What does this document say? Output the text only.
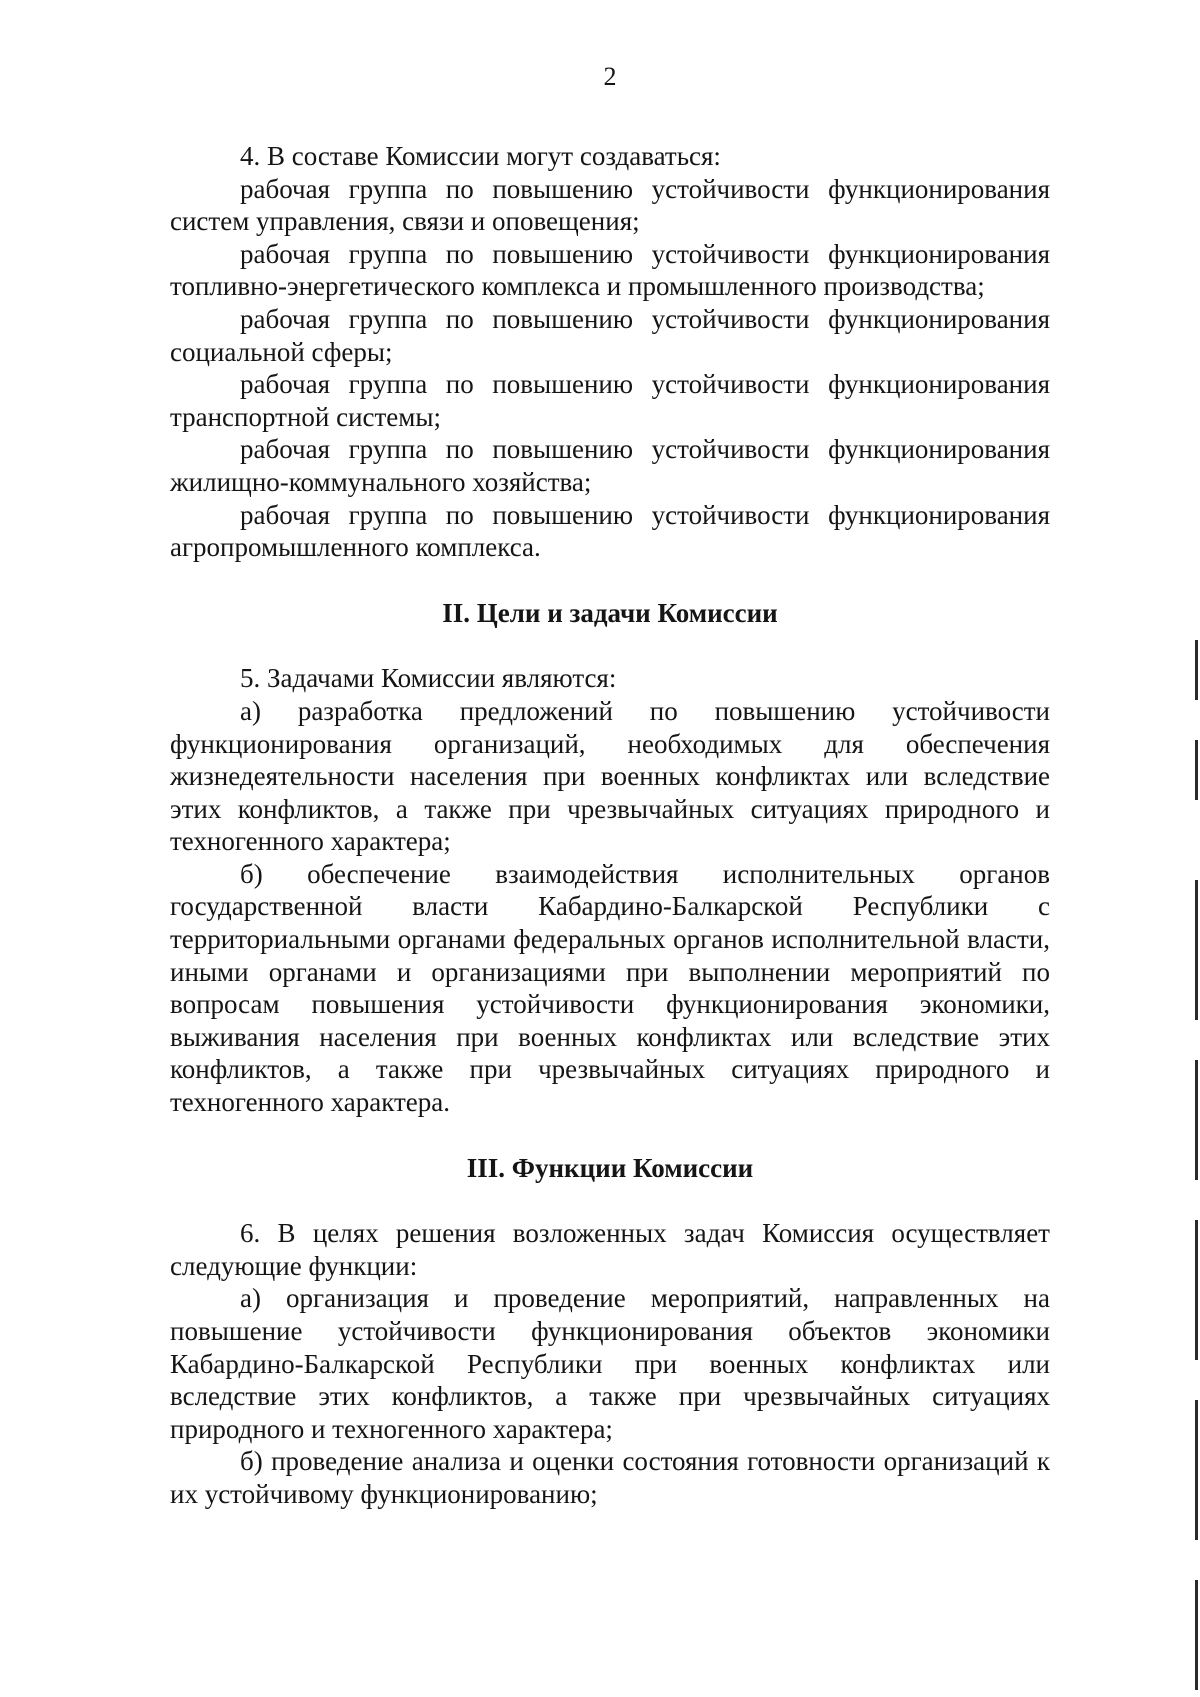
2

4. В составе Комиссии могут создаваться:

рабочая группа по повышению устойчивости функционирования систем управления, связи и оповещения;

рабочая группа по повышению устойчивости функционирования топливно-энергетического комплекса и промышленного производства;

рабочая группа по повышению устойчивости функционирования социальной сферы;

рабочая группа по повышению устойчивости функционирования транспортной системы;

рабочая группа по повышению устойчивости функционирования жилищно-коммунального хозяйства;

рабочая группа по повышению устойчивости функционирования агропромышленного комплекса.

II. Цели и задачи Комиссии

5. Задачами Комиссии являются:

а) разработка предложений по повышению устойчивости функционирования организаций, необходимых для обеспечения жизнедеятельности населения при военных конфликтах или вследствие этих конфликтов, а также при чрезвычайных ситуациях природного и техногенного характера;

б) обеспечение взаимодействия исполнительных органов государственной власти Кабардино-Балкарской Республики с территориальными органами федеральных органов исполнительной власти, иными органами и организациями при выполнении мероприятий по вопросам повышения устойчивости функционирования экономики, выживания населения при военных конфликтах или вследствие этих конфликтов, а также при чрезвычайных ситуациях природного и техногенного характера.

III. Функции Комиссии

6. В целях решения возложенных задач Комиссия осуществляет следующие функции:

а) организация и проведение мероприятий, направленных на повышение устойчивости функционирования объектов экономики Кабардино-Балкарской Республики при военных конфликтах или вследствие этих конфликтов, а также при чрезвычайных ситуациях природного и техногенного характера;

б) проведение анализа и оценки состояния готовности организаций к их устойчивому функционированию;
